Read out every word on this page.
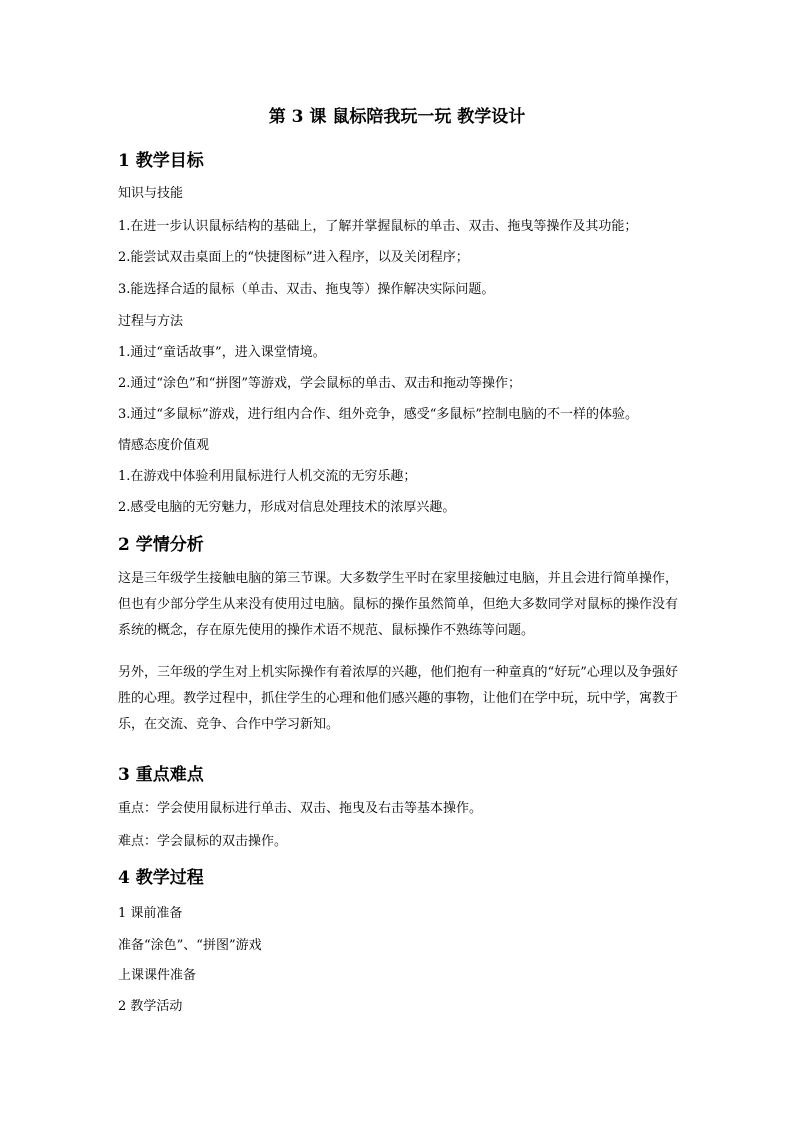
第 3 课 鼠标陪我玩一玩 教学设计
1 教学目标
知识与技能
1.在进一步认识鼠标结构的基础上，了解并掌握鼠标的单击、双击、拖曳等操作及其功能；
2.能尝试双击桌面上的“快捷图标”进入程序，以及关闭程序；
3.能选择合适的鼠标（单击、双击、拖曳等）操作解决实际问题。
过程与方法
1.通过“童话故事”，进入课堂情境。
2.通过“涂色”和“拼图”等游戏，学会鼠标的单击、双击和拖动等操作；
3.通过“多鼠标”游戏，进行组内合作、组外竞争，感受“多鼠标”控制电脑的不一样的体验。
情感态度价值观
1.在游戏中体验利用鼠标进行人机交流的无穷乐趣；
2.感受电脑的无穷魅力，形成对信息处理技术的浓厚兴趣。
2 学情分析
这是三年级学生接触电脑的第三节课。大多数学生平时在家里接触过电脑，并且会进行简单操作，但也有少部分学生从来没有使用过电脑。鼠标的操作虽然简单，但绝大多数同学对鼠标的操作没有系统的概念，存在原先使用的操作术语不规范、鼠标操作不熟练等问题。
另外，三年级的学生对上机实际操作有着浓厚的兴趣，他们抱有一种童真的“好玩”心理以及争强好胜的心理。教学过程中，抓住学生的心理和他们感兴趣的事物，让他们在学中玩，玩中学，寓教于乐，在交流、竞争、合作中学习新知。
3 重点难点
重点：学会使用鼠标进行单击、双击、拖曳及右击等基本操作。
难点：学会鼠标的双击操作。
4 教学过程
1 课前准备
准备“涂色”、“拼图”游戏
上课课件准备
2 教学活动
